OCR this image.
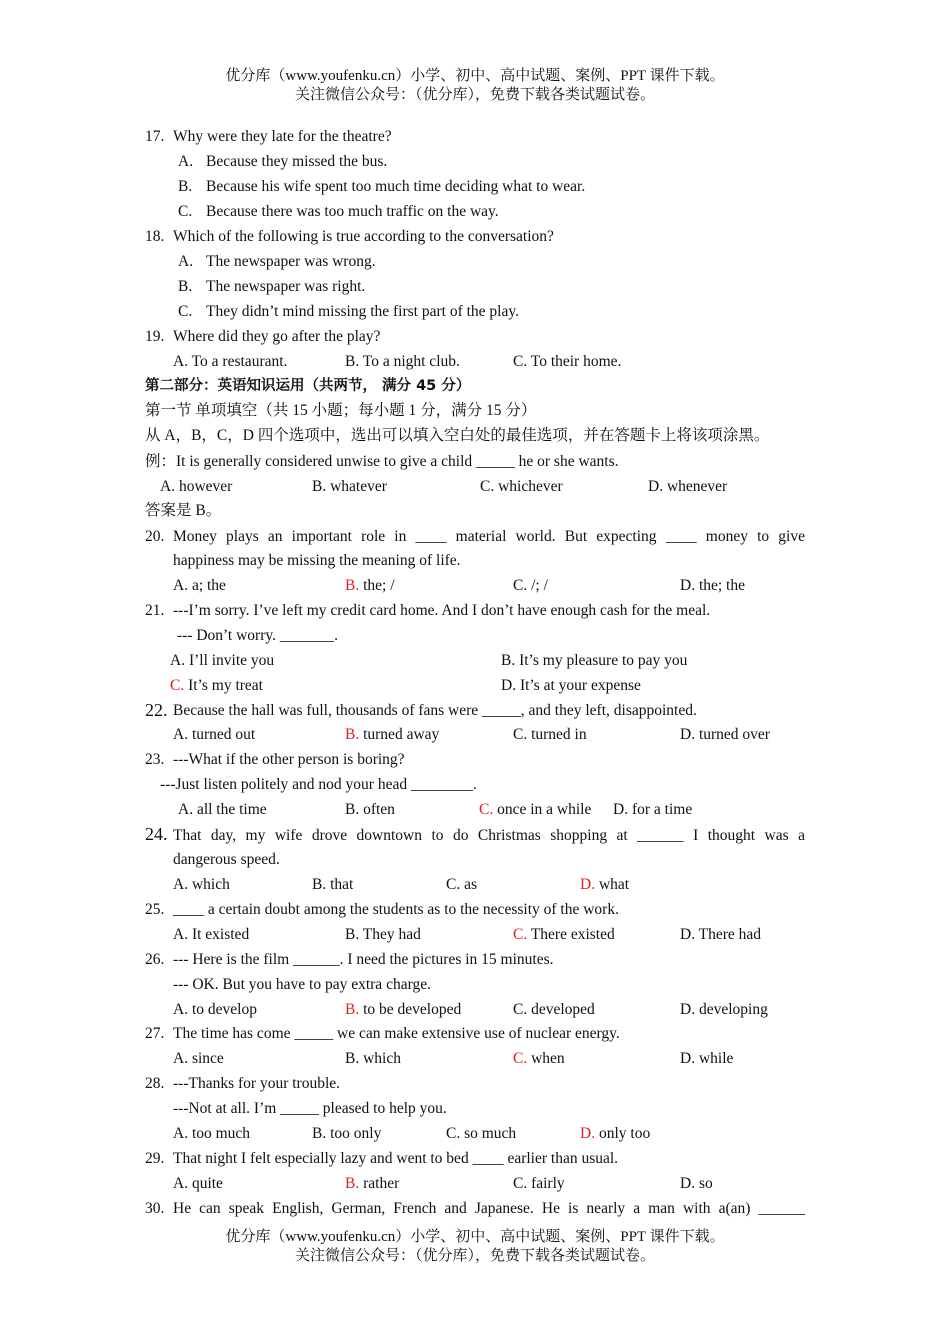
优分库（www.youfenku.cn）小学、初中、高中试题、案例、PPT 课件下载。
关注微信公众号：（优分库），免费下载各类试题试卷。
17. Why were they late for the theatre?
A. Because they missed the bus.
B. Because his wife spent too much time deciding what to wear.
C. Because there was too much traffic on the way.
18. Which of the following is true according to the conversation?
A. The newspaper was wrong.
B. The newspaper was right.
C. They didn’t mind missing the first part of the play.
19. Where did they go after the play?
A. To a restaurant.	B. To a night club.	C. To their home.
第二部分：英语知识运用（共两节， 满分 45 分）
第一节 单项填空（共 15 小题；每小题 1 分，满分 15 分）
从 A，B，C，D 四个选项中，选出可以填入空白处的最佳选项，并在答题卡上将该项涂黑。
例：It is generally considered unwise to give a child _____ he or she wants.
A. however	B. whatever	C. whichever	D. whenever
答案是 B。
20. Money plays an important role in ____ material world. But expecting ____ money to give
happiness may be missing the meaning of life.
A. a; the	B. the; /	C. /; /	D. the; the
21. ---I’m sorry. I’ve left my credit card home. And I don’t have enough cash for the meal.
--- Don’t worry. _______.
A. I’ll invite you	B. It’s my pleasure to pay you
C. It’s my treat	D. It’s at your expense
22. Because the hall was full, thousands of fans were _____, and they left, disappointed.
A. turned out	B. turned away	C. turned in	D. turned over
23. ---What if the other person is boring?
---Just listen politely and nod your head ________.
A. all the time	B. often	C. once in a while D. for a time
24. That day, my wife drove downtown to do Christmas shopping at ______ I thought was a
dangerous speed.
A. which	B. that	C. as	D. what
25. ____ a certain doubt among the students as to the necessity of the work.
A. It existed	B. They had	C. There existed	D. There had
26. --- Here is the film ______. I need the pictures in 15 minutes.
--- OK. But you have to pay extra charge.
A. to develop	B. to be developed	C. developed	D. developing
27. The time has come _____ we can make extensive use of nuclear energy.
A. since	B. which	C. when	D. while
28. ---Thanks for your trouble.
---Not at all. I’m _____ pleased to help you.
A. too much	B. too only	C. so much	D. only too
29. That night I felt especially lazy and went to bed ____ earlier than usual.
A. quite	B. rather	C. fairly	D. so
30. He can speak English, German, French and Japanese. He is nearly a man with a(an) ______
优分库（www.youfenku.cn）小学、初中、高中试题、案例、PPT 课件下载。
关注微信公众号：（优分库），免费下载各类试题试卷。
